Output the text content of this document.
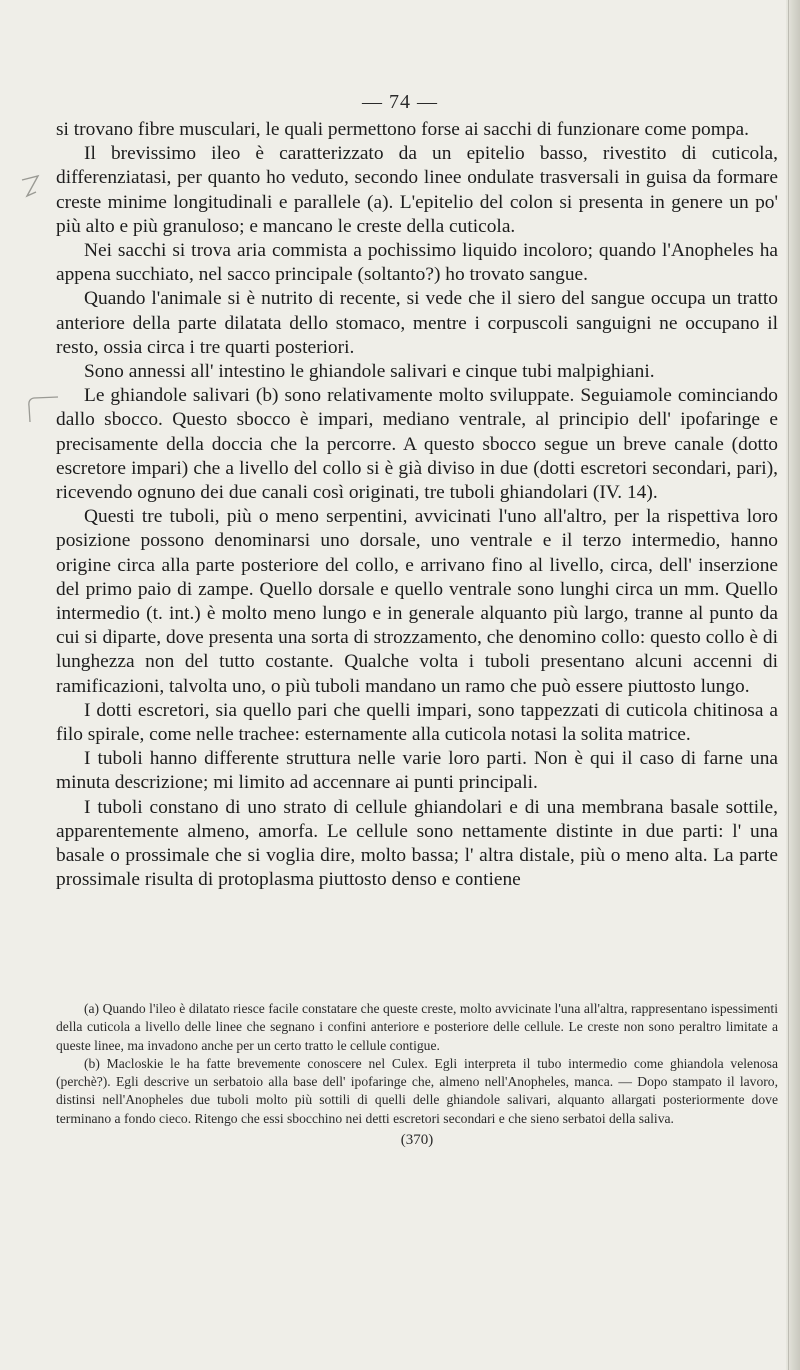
— 74 —

si trovano fibre musculari, le quali permettono forse ai sacchi di funzionare come pompa.

Il brevissimo ileo è caratterizzato da un epitelio basso, rivestito di cuticola, differenziatasi, per quanto ho veduto, secondo linee ondulate trasversali in guisa da formare creste minime longitudinali e parallele (a). L'epitelio del colon si presenta in genere un po' più alto e più granuloso; e mancano le creste della cuticola.

Nei sacchi si trova aria commista a pochissimo liquido incoloro; quando l'Anopheles ha appena succhiato, nel sacco principale (soltanto?) ho trovato sangue.

Quando l'animale si è nutrito di recente, si vede che il siero del sangue occupa un tratto anteriore della parte dilatata dello stomaco, mentre i corpuscoli sanguigni ne occupano il resto, ossia circa i tre quarti posteriori.

Sono annessi all' intestino le ghiandole salivari e cinque tubi malpighiani.

Le ghiandole salivari (b) sono relativamente molto sviluppate. Seguiamole cominciando dallo sbocco. Questo sbocco è impari, mediano ventrale, al principio dell' ipofaringe e precisamente della doccia che la percorre. A questo sbocco segue un breve canale (dotto escretore impari) che a livello del collo si è già diviso in due (dotti escretori secondari, pari), ricevendo ognuno dei due canali così originati, tre tuboli ghiandolari (IV. 14).

Questi tre tuboli, più o meno serpentini, avvicinati l'uno all'altro, per la rispettiva loro posizione possono denominarsi uno dorsale, uno ventrale e il terzo intermedio, hanno origine circa alla parte posteriore del collo, e arrivano fino al livello, circa, dell' inserzione del primo paio di zampe. Quello dorsale e quello ventrale sono lunghi circa un mm. Quello intermedio (t. int.) è molto meno lungo e in generale alquanto più largo, tranne al punto da cui si diparte, dove presenta una sorta di strozzamento, che denomino collo: questo collo è di lunghezza non del tutto costante. Qualche volta i tuboli presentano alcuni accenni di ramificazioni, talvolta uno, o più tuboli mandano un ramo che può essere piuttosto lungo.

I dotti escretori, sia quello pari che quelli impari, sono tappezzati di cuticola chitinosa a filo spirale, come nelle trachee: esternamente alla cuticola notasi la solita matrice.

I tuboli hanno differente struttura nelle varie loro parti. Non è qui il caso di farne una minuta descrizione; mi limito ad accennare ai punti principali.

I tuboli constano di uno strato di cellule ghiandolari e di una membrana basale sottile, apparentemente almeno, amorfa. Le cellule sono nettamente distinte in due parti: l' una basale o prossimale che si voglia dire, molto bassa; l' altra distale, più o meno alta. La parte prossimale risulta di protoplasma piuttosto denso e contiene

(a) Quando l'ileo è dilatato riesce facile constatare che queste creste, molto avvicinate l'una all'altra, rappresentano ispessimenti della cuticola a livello delle linee che segnano i confini anteriore e posteriore delle cellule. Le creste non sono peraltro limitate a queste linee, ma invadono anche per un certo tratto le cellule contigue.

(b) Macloskie le ha fatte brevemente conoscere nel Culex. Egli interpreta il tubo intermedio come ghiandola velenosa (perchè?). Egli descrive un serbatoio alla base dell' ipofaringe che, almeno nell'Anopheles, manca. — Dopo stampato il lavoro, distinsi nell'Anopheles due tuboli molto più sottili di quelli delle ghiandole salivari, alquanto allargati posteriormente dove terminano a fondo cieco. Ritengo che essi sbocchino nei detti escretori secondari e che sieno serbatoi della saliva.

(370)
